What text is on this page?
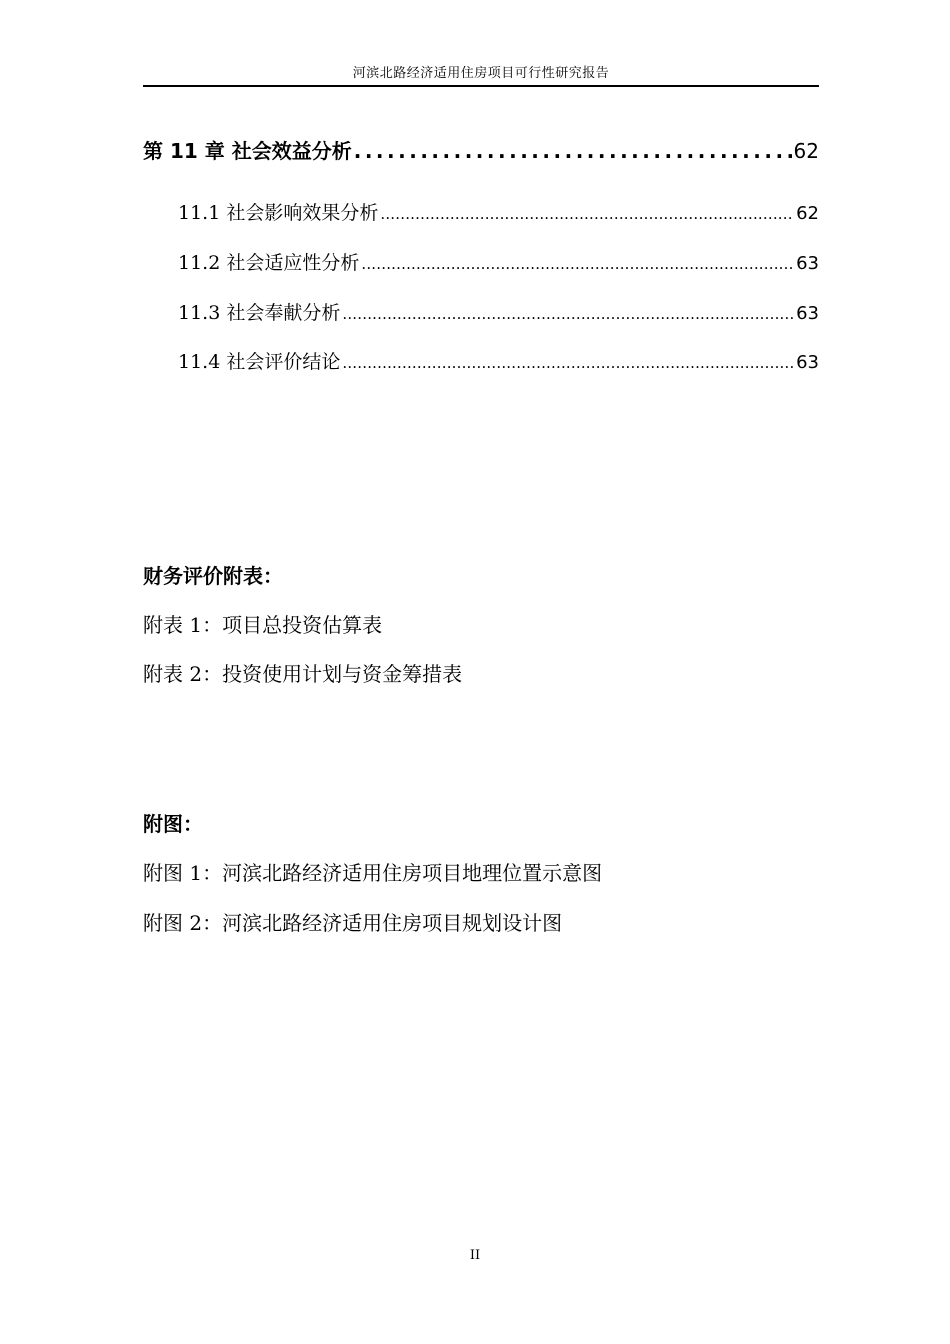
河滨北路经济适用住房项目可行性研究报告
第 11 章 社会效益分析 .....	62
11.1 社会影响效果分析 .....	62
11.2 社会适应性分析 .....	63
11.3 社会奉献分析 .....	63
11.4 社会评价结论 .....	63
财务评价附表：
附表 1：项目总投资估算表
附表 2：投资使用计划与资金筹措表
附图：
附图 1：河滨北路经济适用住房项目地理位置示意图
附图 2：河滨北路经济适用住房项目规划设计图
II
